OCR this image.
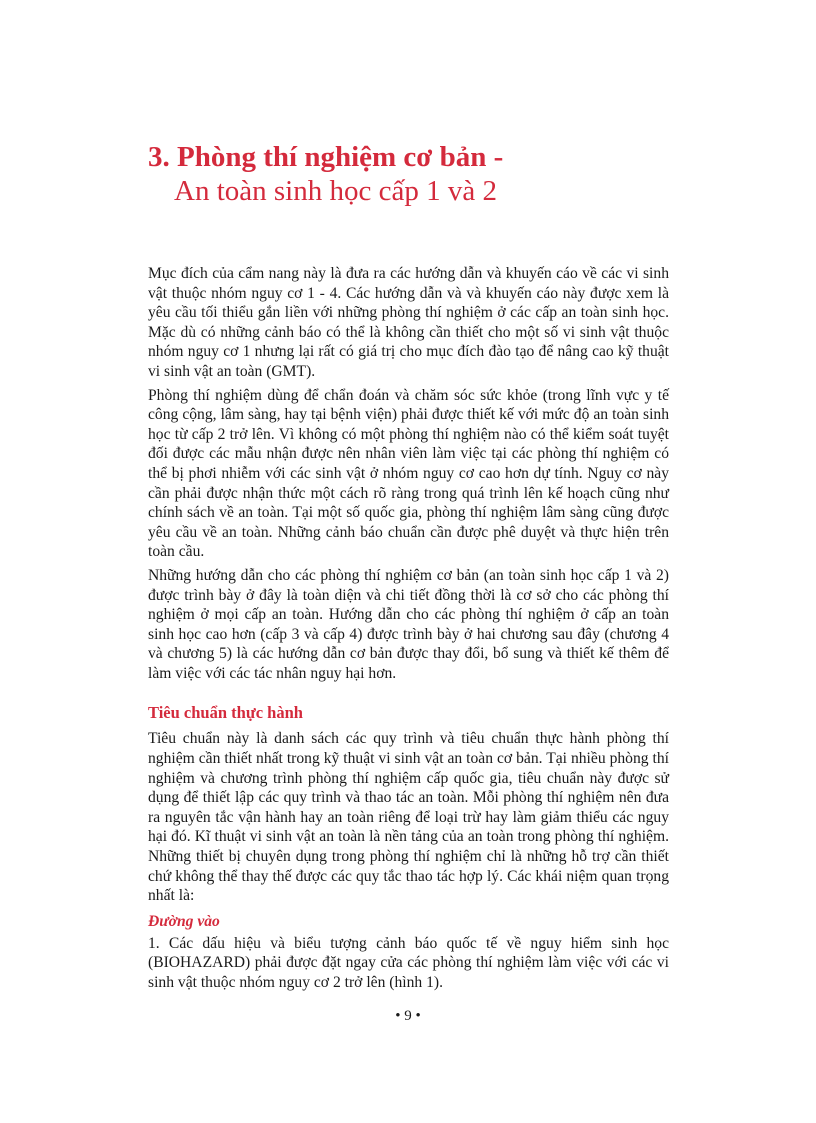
3. Phòng thí nghiệm cơ bản -
An toàn sinh học cấp 1 và 2

Mục đích của cẩm nang này là đưa ra các hướng dẫn và khuyến cáo về các vi sinh vật thuộc nhóm nguy cơ 1 - 4. Các hướng dẫn và và khuyến cáo này được xem là yêu cầu tối thiểu gắn liền với những phòng thí nghiệm ở các cấp an toàn sinh học. Mặc dù có những cảnh báo có thể là không cần thiết cho một số vi sinh vật thuộc nhóm nguy cơ 1 nhưng lại rất có giá trị cho mục đích đào tạo để nâng cao kỹ thuật vi sinh vật an toàn (GMT).

Phòng thí nghiệm dùng để chẩn đoán và chăm sóc sức khỏe (trong lĩnh vực y tế công cộng, lâm sàng, hay tại bệnh viện) phải được thiết kế với mức độ an toàn sinh học từ cấp 2 trở lên. Vì không có một phòng thí nghiệm nào có thể kiểm soát tuyệt đối được các mẫu nhận được nên nhân viên làm việc tại các phòng thí nghiệm có thể bị phơi nhiễm với các sinh vật ở nhóm nguy cơ cao hơn dự tính. Nguy cơ này cần phải được nhận thức một cách rõ ràng trong quá trình lên kế hoạch cũng như chính sách về an toàn. Tại một số quốc gia, phòng thí nghiệm lâm sàng cũng được yêu cầu về an toàn. Những cảnh báo chuẩn cần được phê duyệt và thực hiện trên toàn cầu.

Những hướng dẫn cho các phòng thí nghiệm cơ bản (an toàn sinh học cấp 1 và 2) được trình bày ở đây là toàn diện và chi tiết đồng thời là cơ sở cho các phòng thí nghiệm ở mọi cấp an toàn. Hướng dẫn cho các phòng thí nghiệm ở cấp an toàn sinh học cao hơn (cấp 3 và cấp 4) được trình bày ở hai chương sau đây (chương 4 và chương 5) là các hướng dẫn cơ bản được thay đổi, bổ sung và thiết kế thêm để làm việc với các tác nhân nguy hại hơn.

Tiêu chuẩn thực hành

Tiêu chuẩn này là danh sách các quy trình và tiêu chuẩn thực hành phòng thí nghiệm cần thiết nhất trong kỹ thuật vi sinh vật an toàn cơ bản. Tại nhiều phòng thí nghiệm và chương trình phòng thí nghiệm cấp quốc gia, tiêu chuẩn này được sử dụng để thiết lập các quy trình và thao tác an toàn. Mỗi phòng thí nghiệm nên đưa ra nguyên tắc vận hành hay an toàn riêng để loại trừ hay làm giảm thiểu các nguy hại đó. Kĩ thuật vi sinh vật an toàn là nền tảng của an toàn trong phòng thí nghiệm. Những thiết bị chuyên dụng trong phòng thí nghiệm chỉ là những hỗ trợ cần thiết chứ không thể thay thế được các quy tắc thao tác hợp lý. Các khái niệm quan trọng nhất là:

Đường vào

1. Các dấu hiệu và biểu tượng cảnh báo quốc tế về nguy hiểm sinh học (BIOHAZARD) phải được đặt ngay cửa các phòng thí nghiệm làm việc với các vi sinh vật thuộc nhóm nguy cơ 2 trở lên (hình 1).

• 9 •
